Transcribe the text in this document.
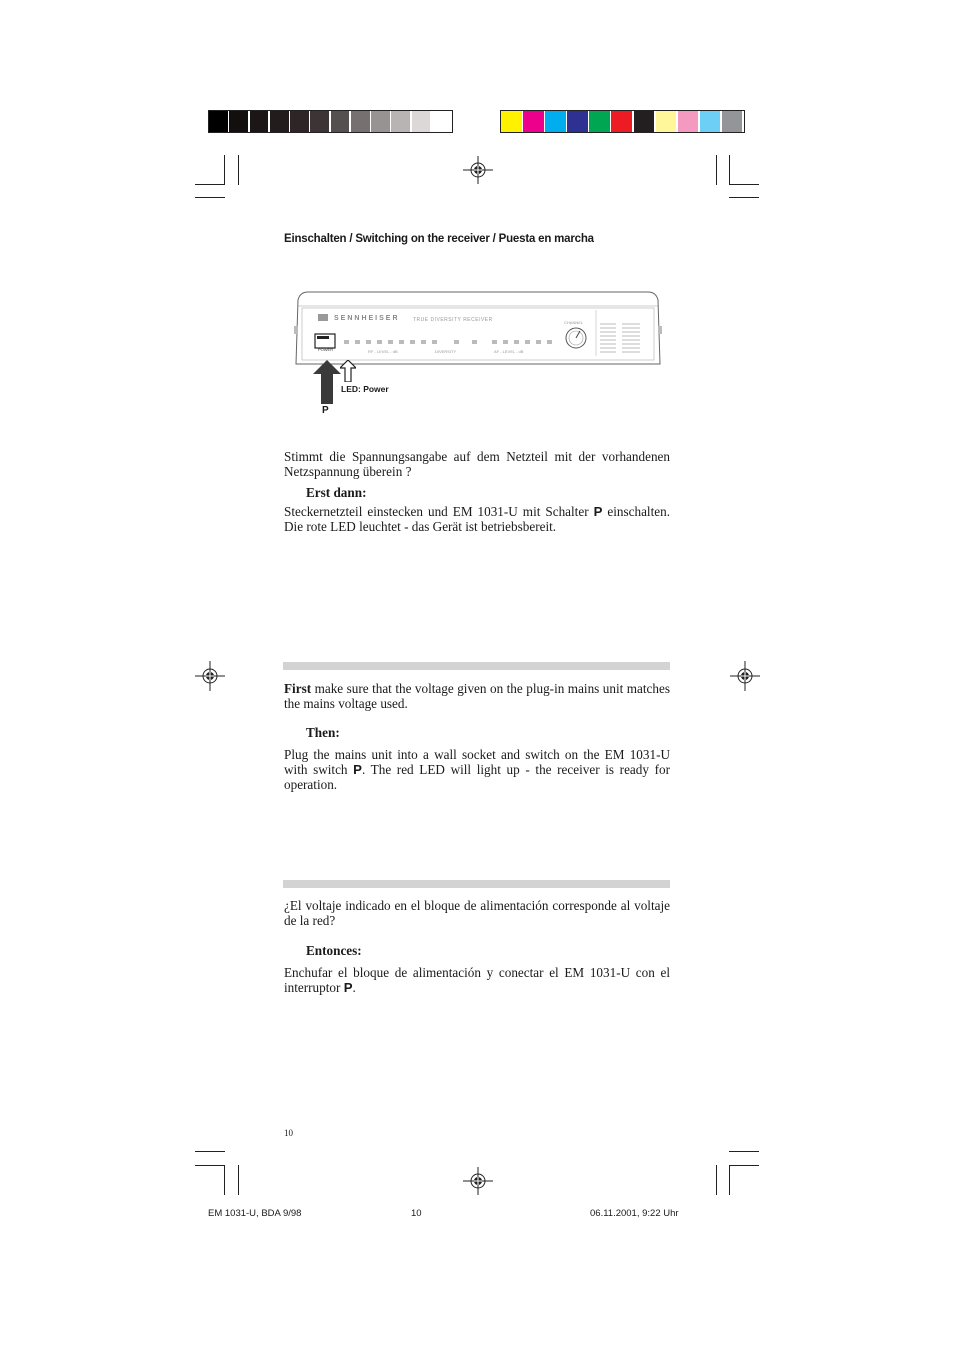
Einschalten / Switching on the receiver / Puesta en marcha
SENNHEISER	TRUE DIVERSITY RECEIVER
POWER	RF - LEVEL - dB	DIVERSITY	AF - LEVEL - dB
CHANNEL
LED: Power
P
Stimmt die Spannungsangabe auf dem Netzteil mit der vorhandenen Netzspannung überein ?
Erst dann:
Steckernetzteil einstecken und EM 1031-U mit Schalter P einschalten. Die rote LED leuchtet - das Gerät ist betriebsbereit.
First make sure that the voltage given on the plug-in mains unit matches the mains voltage used.
Then:
Plug the mains unit into a wall socket and switch on the EM 1031-U with switch P. The red LED will light up - the receiver is ready for operation.
¿El voltaje indicado en el bloque de alimentación corresponde al voltaje de la red?
Entonces:
Enchufar el bloque de alimentación y conectar el EM 1031-U con el interruptor P.
10
EM 1031-U, BDA 9/98	10	06.11.2001, 9:22 Uhr
